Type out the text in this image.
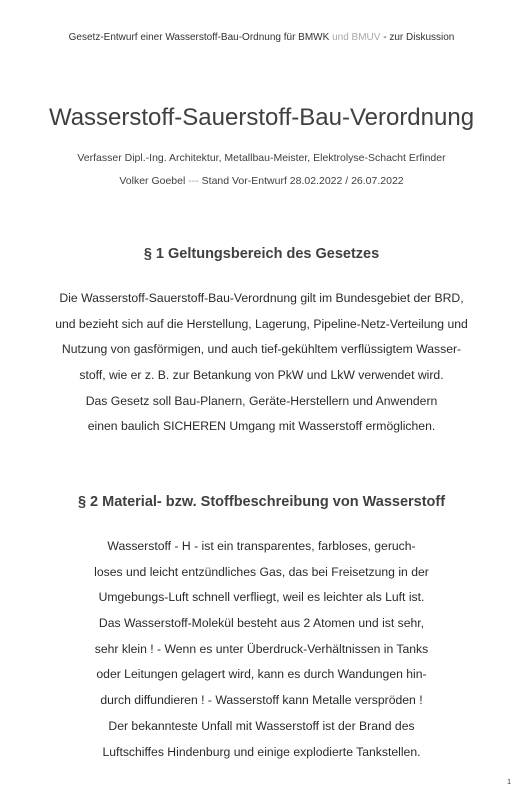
Gesetz-Entwurf einer Wasserstoff-Bau-Ordnung für BMWK und BMUV - zur Diskussion
Wasserstoff-Sauerstoff-Bau-Verordnung
Verfasser Dipl.-Ing. Architektur, Metallbau-Meister, Elektrolyse-Schacht Erfinder
Volker Goebel --- Stand Vor-Entwurf 28.02.2022 / 26.07.2022
§ 1 Geltungsbereich des Gesetzes
Die Wasserstoff-Sauerstoff-Bau-Verordnung gilt im Bundesgebiet der BRD,
und bezieht sich auf die Herstellung, Lagerung, Pipeline-Netz-Verteilung und
Nutzung von gasförmigen, und auch tief-gekühltem verflüssigtem Wasser-
stoff, wie er z. B. zur Betankung von PkW und LkW verwendet wird.
Das Gesetz soll Bau-Planern, Geräte-Herstellern und Anwendern
einen baulich SICHEREN Umgang mit Wasserstoff ermöglichen.
§ 2 Material- bzw. Stoffbeschreibung von Wasserstoff
Wasserstoff - H - ist ein transparentes, farbloses, geruch-
loses und leicht entzündliches Gas, das bei Freisetzung in der
Umgebungs-Luft schnell verfliegt, weil es leichter als Luft ist.
Das Wasserstoff-Molekül besteht aus 2 Atomen und ist sehr,
sehr klein ! - Wenn es unter Überdruck-Verhältnissen in Tanks
oder Leitungen gelagert wird, kann es durch Wandungen hin-
durch diffundieren ! - Wasserstoff kann Metalle verspröden !
Der bekannteste Unfall mit Wasserstoff ist der Brand des
Luftschiffes Hindenburg und einige explodierte Tankstellen.
1
